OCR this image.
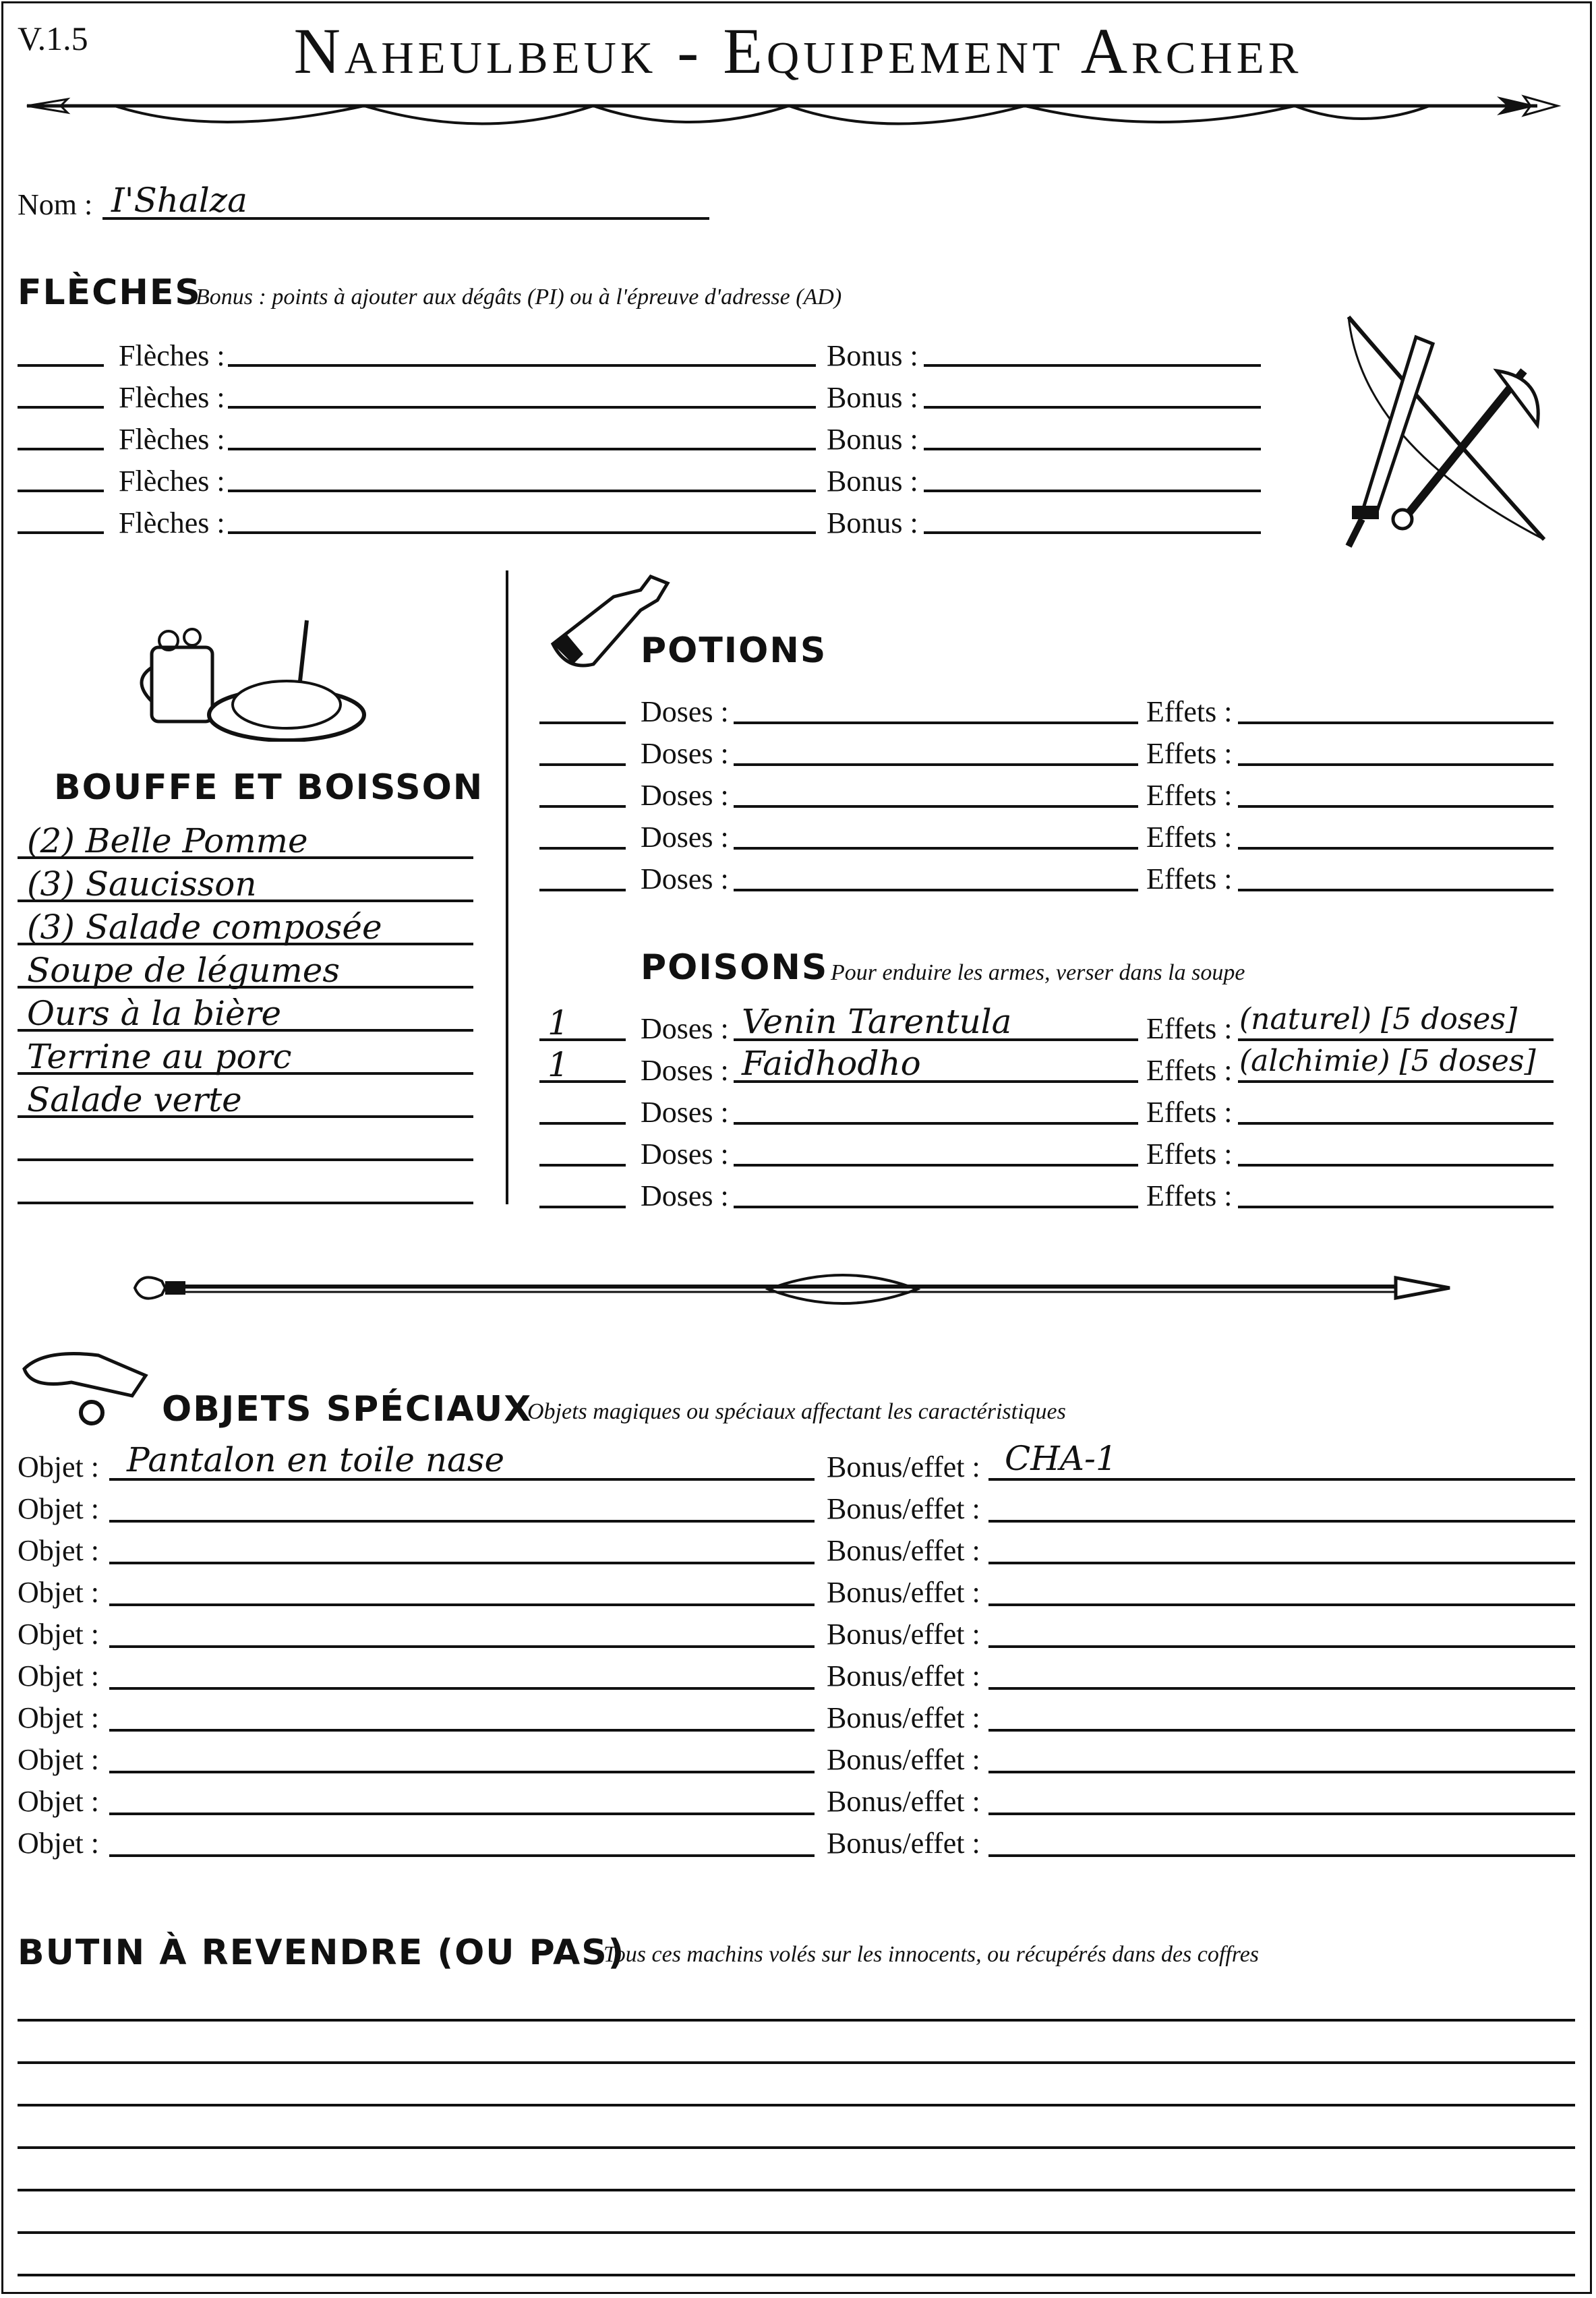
V.1.5	Naheulbeuk - Equipement Archer
Nom : I'Shalza
FLÈCHES
Bonus : points à ajouter aux dégâts (PI) ou à l'épreuve d'adresse (AD)
Flèches :	Bonus :
Flèches :	Bonus :
Flèches :	Bonus :
Flèches :	Bonus :
Flèches :	Bonus :
BOUFFE ET BOISSON
(2) Belle Pomme
(3) Saucisson
(3) Salade composée
Soupe de légumes
Ours à la bière
Terrine au porc
Salade verte
POTIONS
Doses :	Effets :
Doses :	Effets :
Doses :	Effets :
Doses :	Effets :
Doses :	Effets :
POISONS Pour enduire les armes, verser dans la soupe
1 Doses : Venin Tarentula	Effets : (naturel) [5 doses]
1 Doses : Faidhodho	Effets : (alchimie) [5 doses]
Doses :	Effets :
Doses :	Effets :
Doses :	Effets :
OBJETS SPÉCIAUX
Objets magiques ou spéciaux affectant les caractéristiques
Objet : Pantalon en toile nase	Bonus/effet : CHA-1
Objet :	Bonus/effet :
Objet :	Bonus/effet :
Objet :	Bonus/effet :
Objet :	Bonus/effet :
Objet :	Bonus/effet :
Objet :	Bonus/effet :
Objet :	Bonus/effet :
Objet :	Bonus/effet :
Objet :	Bonus/effet :
BUTIN À REVENDRE (OU PAS)
Tous ces machins volés sur les innocents, ou récupérés dans des coffres
